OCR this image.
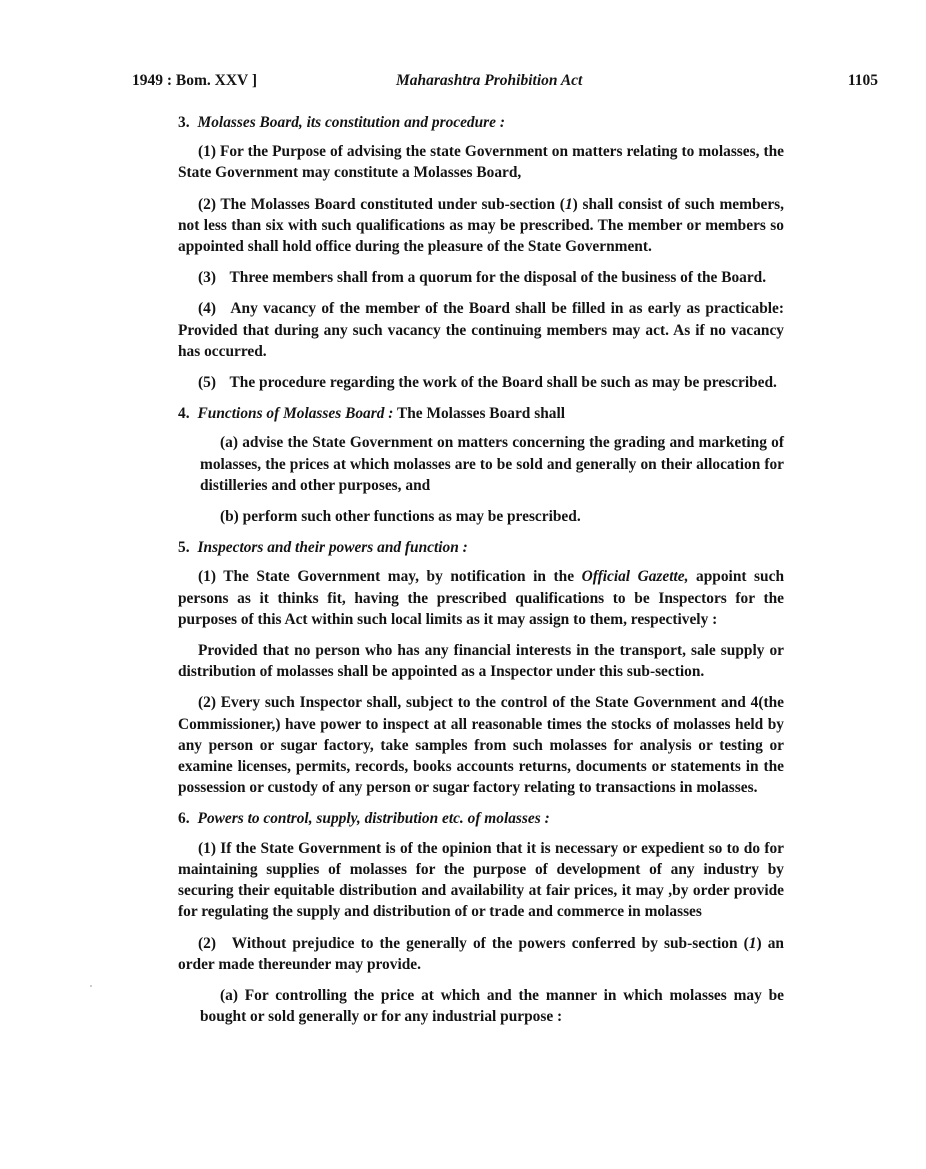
1949 : Bom. XXV ]	Maharashtra Prohibition Act	1105
3. Molasses Board, its constitution and procedure :

(1) For the Purpose of advising the state Government on matters relating to molasses, the State Government may constitute a Molasses Board,

(2) The Molasses Board constituted under sub-section (1) shall consist of such members, not less than six with such qualifications as may be prescribed. The member or members so appointed shall hold office during the pleasure of the State Government.

(3) Three members shall from a quorum for the disposal of the business of the Board.

(4) Any vacancy of the member of the Board shall be filled in as early as practicable: Provided that during any such vacancy the continuing members may act. As if no vacancy has occurred.

(5) The procedure regarding the work of the Board shall be such as may be prescribed.

4. Functions of Molasses Board : The Molasses Board shall

(a) advise the State Government on matters concerning the grading and marketing of molasses, the prices at which molasses are to be sold and generally on their allocation for distilleries and other purposes, and

(b) perform such other functions as may be prescribed.

5. Inspectors and their powers and function :

(1) The State Government may, by notification in the Official Gazette, appoint such persons as it thinks fit, having the prescribed qualifications to be Inspectors for the purposes of this Act within such local limits as it may assign to them, respectively :

Provided that no person who has any financial interests in the transport, sale supply or distribution of molasses shall be appointed as a Inspector under this sub-section.

(2) Every such Inspector shall, subject to the control of the State Government and 4(the Commissioner,) have power to inspect at all reasonable times the stocks of molasses held by any person or sugar factory, take samples from such molasses for analysis or testing or examine licenses, permits, records, books accounts returns, documents or statements in the possession or custody of any person or sugar factory relating to transactions in molasses.

6. Powers to control, supply, distribution etc. of molasses :

(1) If the State Government is of the opinion that it is necessary or expedient so to do for maintaining supplies of molasses for the purpose of development of any industry by securing their equitable distribution and availability at fair prices, it may ,by order provide for regulating the supply and distribution of or trade and commerce in molasses

(2) Without prejudice to the generally of the powers conferred by sub-section (1) an order made thereunder may provide.

(a) For controlling the price at which and the manner in which molasses may be bought or sold generally or for any industrial purpose :
